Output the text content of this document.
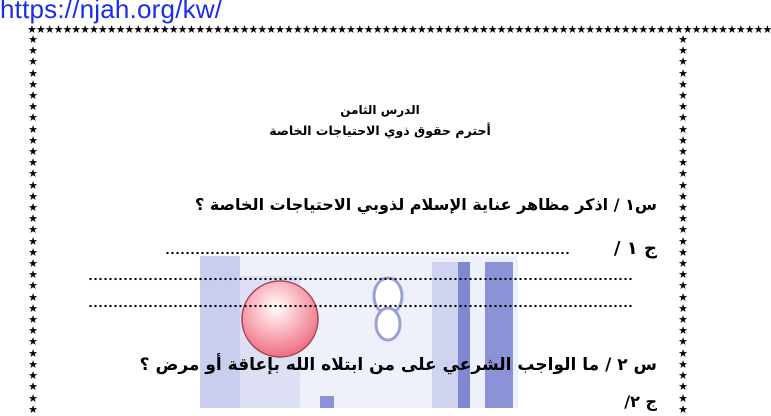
https://njah.org/kw/
★★★★★★★★★★★★★★★★★★★★★★★★★★★★★★★★★★★★★★★★★★★★★★★★★★★★★★★★★★★★★★★★★★★★★★★★★★★★★★★★★★★★
★★★★★★★★★★★★★★★★★★★★★★★★★★★★★★★★★★
★★★★★★★★★★★★★★★★★★★★★★★★★★★★★★★★★★
الدرس الثامن
أحترم حقوق ذوي الاحتياجات الخاصة
س١ / اذكر مظاهر عناية الإسلام لذوبي الاحتياجات الخاصة ؟
ج ١ /
س ٢ / ما الواجب الشرعي على من ابتلاه الله بإعاقة أو مرض ؟
ج ٢/
